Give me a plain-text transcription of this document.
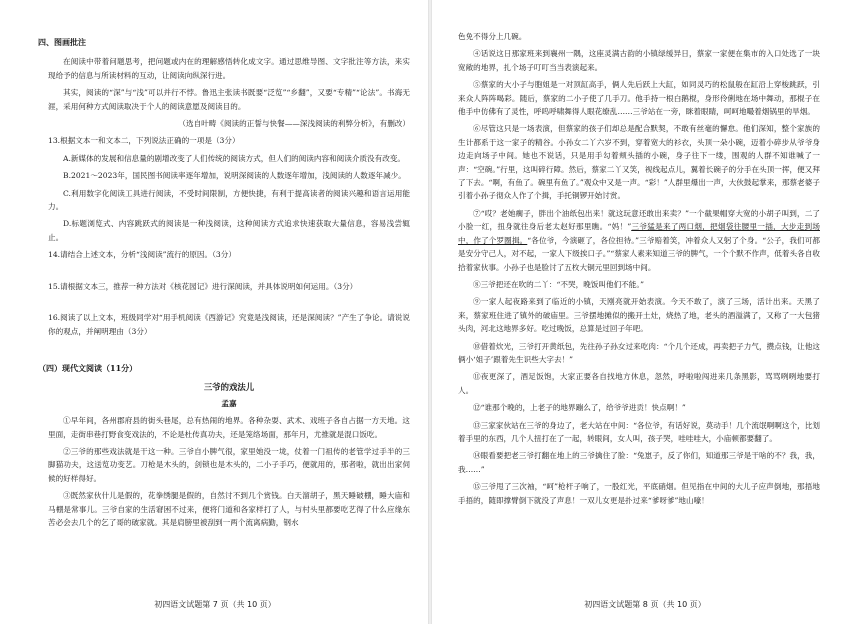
四、图画批注

在阅读中带着问题思考，把问题或内在的理解感悟转化成文字。通过思维导图、文字批注等方法，来实现给予的信息与所读材料的互动，让阅读向纵深行进。

其实，阅读的“深”与“浅”可以并行不悖。鲁迅主张读书既要“泛览”“乡翻”，又要“专精”“论法”。书海无涯，采用何种方式阅读取决于个人的阅读意愿及阅读目的。

（选自叶畴《阅读的正誓与快餐——深浅阅读的利弊分析》，有删改）

13.根据文本一和文本二，下列说法正确的一项是（3分）

A.新媒体的发展和信息量的剧增改变了人们传统的阅读方式，但人们的阅读内容和阅读介质没有改变。

B.2021～2023年，国民图书阅读率逐年增加，说明深阅读的人数逐年增加，浅阅读的人数逐年减少。

C.利用数字化阅读工具进行阅读，不受时间限制，方便快捷，有利于提高读者的阅读兴趣和语言运用能力。

D.标题浏览式、内容跳跃式的阅读是一种浅阅读，这种阅读方式追求快速获取大量信息，容易浅尝辄止。

14.请结合上述文本，分析“浅阅读”流行的原因。（3分）

15.请根据文本三，推荐一种方法对《核花园记》进行深阅读，并具体说明如何运用。（3分）

16.阅读了以上文本，班级同学对“用手机阅读《西游记》究竟是浅阅读，还是深阅读？”产生了争论。请说说你的观点，并阐明理由（3分）

（四）现代文阅读（11分）

三爷的戏法儿

孟嘉

①早年间，各州郡府县的街头巷尾，总有热闹的地界。各种杂耍、武术、戏班子各自占据一方天地。这里面，走街串巷打野食变戏法的，不论是杜传真功夫，还是笼络场面，那年月，尤推就是混口饭吃。

②三爷的那些戏法就是干这一种。三爷自小脾气很，家里她没一垅，仗着一门祖传的老管学过手半的三脚猫功夫，这送览功变艺。刀枪是木头的，剑锁也是木头的，二小子手巧，便就用的，那者啦，就出出家伺候的好样得好。

③既然家伙什儿是假的，花拳绣腿是假的，自然讨不到几个赏钱。白天溜胡子，黑天睡破棚，睡大庙和马棚是常事儿。三爷自家的生活窘困不过来，便将门道和各家样打了人，与村头里都要吃艺得了什么应缘东苦必会去几个的乞了哥的破家就。其是肩膀里被刮到一两个流离病勤，钢水

初四语文试题第 7 页（共 10 页）

色免不得分上几碗。

④话说这日那家班来到襄州一隅，这座灵满古韵的小镇绿缓异日，蔡家一家便在集市的入口处选了一块宽敞的地界，扎个场子叮叮当当表演起来。

⑤蔡家的大小子与胞姐是一对顶缸高手，俩人先后跃上大缸，如同灵巧的松鼠般在缸沿上穿梭跳跃，引来众人阵阵喝彩。随后，蔡家的二小子使了几手刀。他手持一根白鹅棍，身形伶俐地在场中舞动，那棍子在他手中仿佛有了灵性，呼呜呼啸舞得人眼花缭乱……三爷站在一旁，眯着眼睛，呵呵地嘬着烟锅里的旱烟。

⑥尽管这只是一场表演，但蔡家的孩子们却总是配合默契，不敢有丝毫的懈怠。他们深知，整个家族的生计都系于这一家子的精谷。小孙女二丫六岁不到，穿着宽大的衫衣，头顶一朵小碗，迈着小碎步从爷爷身边走向场子中间。她也不说话，只是用手勾着颊头插的小碗，身子往下一缕，围观的人群不知谁喊了一声：“空碗。”行里，这叫碎行障。然后，蔡家二丫又笑，视线起点儿，翼着长碗子的分手在头顶一挥，便又拜了下去。“啊，有鱼了。碗里有鱼了。”观众中又是一声。“彩！”人群里爆出一声，大伙鼓起掌来，那蔡老婆子引着小孙子彻众人作了个揖，手托铜锣开始讨赏。

⑦“哎？老她瘸子，胖出个油纸包出来！就这玩意还敢出来卖？”一个截果帽穿大宽的小胡子叫到，二了小脸一红，扭身就往身后老太赵好那里瞧。“妈！”三爷猛是来了两口烟，把烟袋往腰里一插，大步走到场中，作了个罗圈揖。“各位爷，今演砸了，各位担待。”三爷赔着笑，冲着众人又躬了个身。“公子，我们可都是安分守己人，对不起，一家人下级挨口子。”“蔡家人素来知道三爷的脾气，一个个默不作声，低着头各自收拾着家伙事。小孙子也是脸讨了五枚大铜元里回到场中间。

⑧三爷把还在吹的二丫：“不哭，晚饭叫他们不能。”

⑨一家人起夜路来到了临近的小镇，天刚亮就开始表演。今天不敢了，演了三场，活计出来。天黑了来，蔡家班住进了镇外的破庙里。三爷摆地摊似的搬开土灶，烧热了地，老头的酒溢满了，又称了一大包猪头肉，河北这地界多好。吃过晚饭，总算是过回子年吧。

⑩借着炊光，三爷打开黄纸包，先往孙子孙女过来吃肉：“个几个还成，再卖把子力气，攒点钱，让他这俩小‘姐子’跟着先生识些大字去！”

⑪夜更深了，酒足饭饱，大家正要各自找地方休息，忽然，呼啦啦闯进来几条黑影，骂骂咧咧地要打人。

⑫“谁那个晚的，上老子的地界蹦么了，给爷爷进贡！快点啊！”

⑬三家家伙站在三爷的身边了，老大站在中间：“各位爷，有话好说，莫动手！几个流氓啊啊这个，比划着手里的东西，几个人扭打在了一起，转眼间，女人叫，孩子哭，哇哇哇大，小庙顿都要翻了。

⑭眼看要把老三爷打翻在地上的三爷擒住了脸：“兔崽子，反了你们，知道那三爷是干啥的不？我，我，我……”

⑮三爷甩了三次袖，“呵”枪杆子响了，一股红光，平底硝烟。但见指在中间的大儿子应声倒地，那捂地手捂的，随即撑臂倒下就没了声息！一双儿女更是扑过来“爹呀爹”地山嚎！

初四语文试题第 8 页（共 10 页）
